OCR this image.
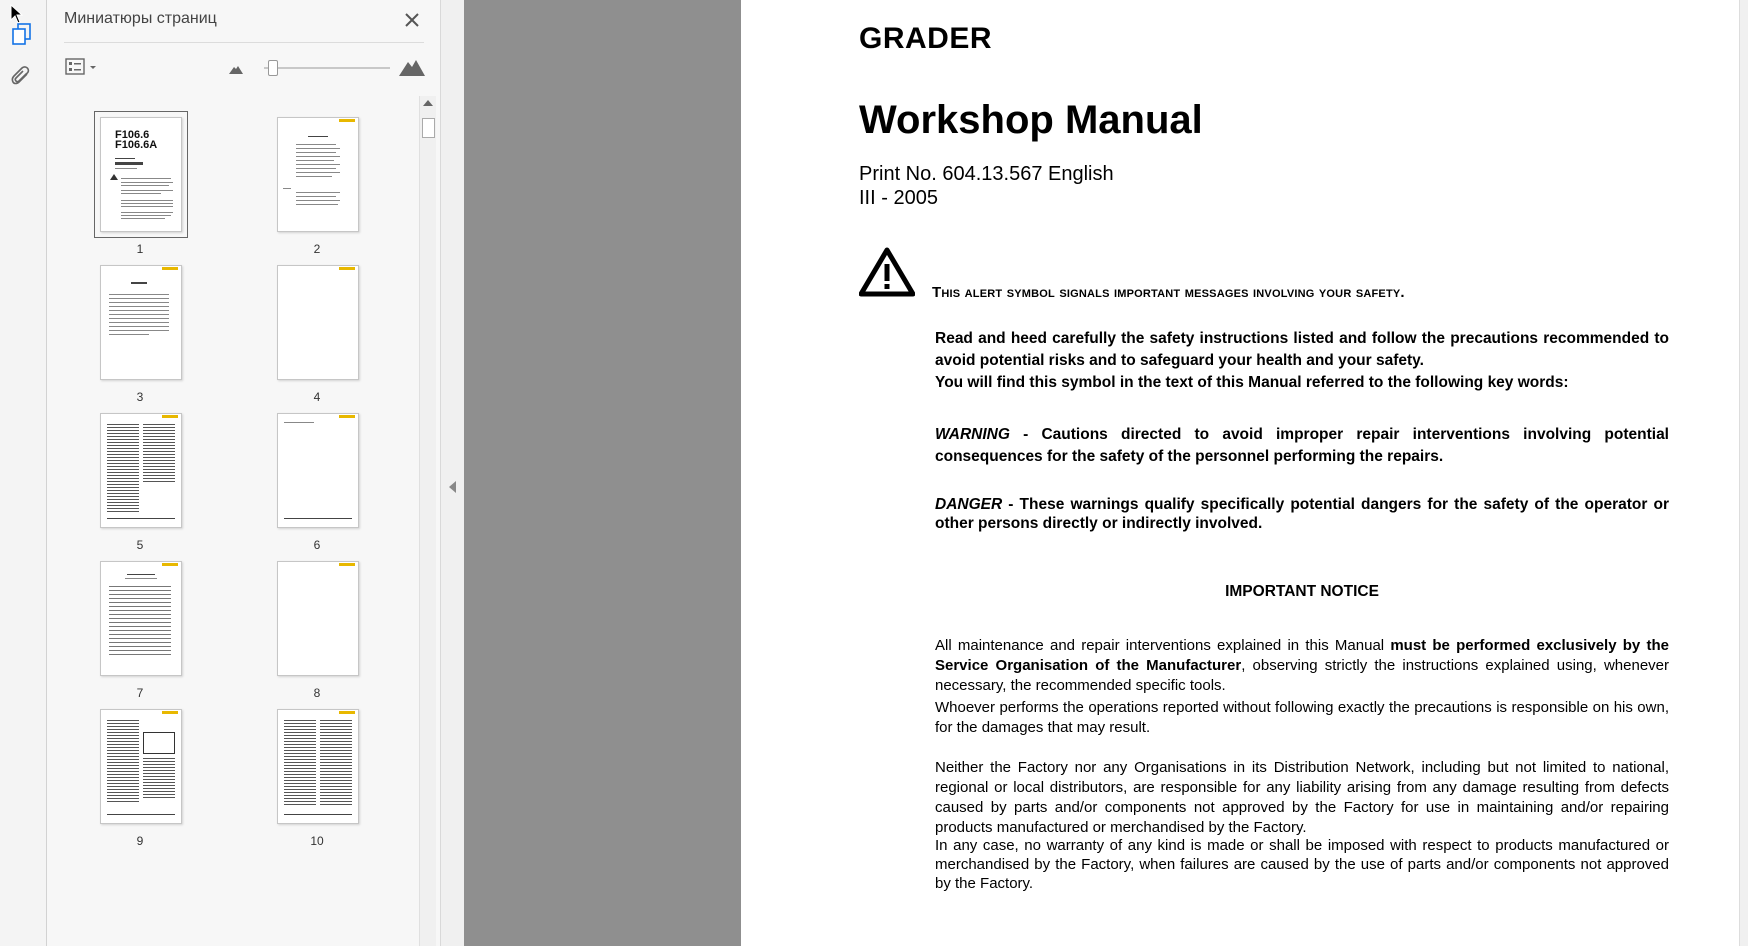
Миниатюры страниц
F106.6
F106.6A
1	2
3	4
5	6
7	8
9	10
GRADER
Workshop Manual
Print No. 604.13.567 English
III - 2005
This alert symbol signals important messages involving your safety.
Read and heed carefully the safety instructions listed and follow the precautions recommended to avoid potential risks and to safeguard your health and your safety.
You will find this symbol in the text of this Manual referred to the following key words:
WARNING - Cautions directed to avoid improper repair interventions involving potential consequences for the safety of the personnel performing the repairs.
DANGER - These warnings qualify specifically potential dangers for the safety of the operator or other persons directly or indirectly involved.
IMPORTANT NOTICE
All maintenance and repair interventions explained in this Manual must be performed exclusively by the Service Organisation of the Manufacturer, observing strictly the instructions explained using, whenever necessary, the recommended specific tools.
Whoever performs the operations reported without following exactly the precautions is responsible on his own, for the damages that may result.
Neither the Factory nor any Organisations in its Distribution Network, including but not limited to national, regional or local distributors, are responsible for any liability arising from any damage resulting from defects caused by parts and/or components not approved by the Factory for use in maintaining and/or repairing products manufactured or merchandised by the Factory.
In any case, no warranty of any kind is made or shall be imposed with respect to products manufactured or merchandised by the Factory, when failures are caused by the use of parts and/or components not approved by the Factory.
